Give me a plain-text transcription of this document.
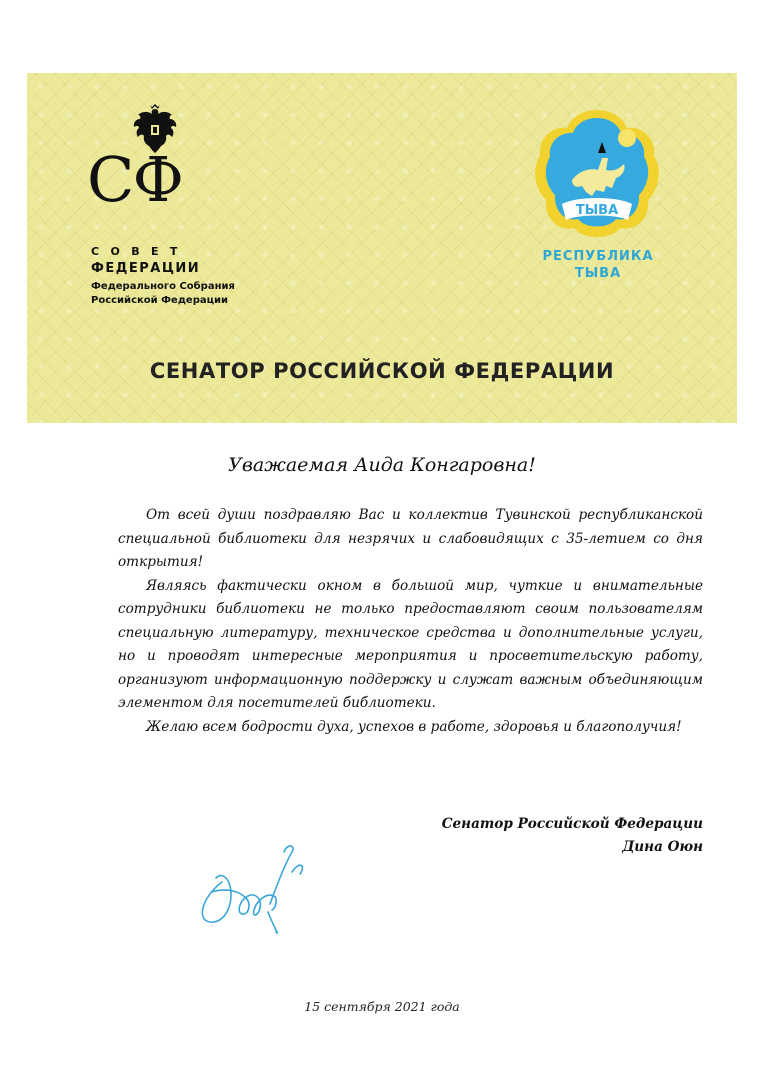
СФ
СОВЕТ
ФЕДЕРАЦИИ
Федерального Собрания
Российской Федерации
ТЫВА
РЕСПУБЛИКА
ТЫВА
СЕНАТОР РОССИЙСКОЙ ФЕДЕРАЦИИ
Уважаемая Аида Конгаровна!

От всей души поздравляю Вас и коллектив Тувинской республиканской специальной библиотеки для незрячих и слабовидящих с 35-летием со дня открытия!

Являясь фактически окном в большой мир, чуткие и внимательные сотрудники библиотеки не только предоставляют своим пользователям специальную литературу, техническое средства и дополнительные услуги, но и проводят интересные мероприятия и просветительскую работу, организуют информационную поддержку и служат важным объединяющим элементом для посетителей библиотеки.

Желаю всем бодрости духа, успехов в работе, здоровья и благополучия!

Сенатор Российской Федерации
Дина Оюн
15 сентября 2021 года
